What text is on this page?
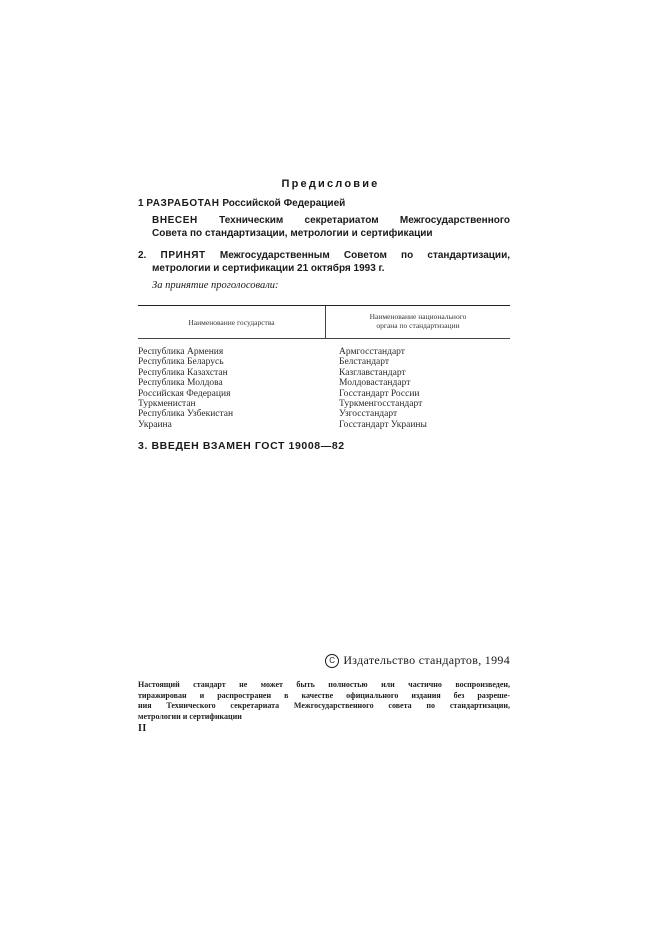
Предисловие
1 РАЗРАБОТАН Российской Федерацией
ВНЕСЕН Техническим секретариатом Межгосударственного
Совета по стандартизации, метрологии и сертификации
2. ПРИНЯТ Межгосударственным Советом по стандартизации,
метрологии и сертификации 21 октября 1993 г.
За принятие проголосовали:
Наименование государства
Наименование национального
органа по стандартизации
Республика Армения
Республика Беларусь
Республика Казахстан
Республика Молдова
Российская Федерация
Туркменистан
Республика Узбекистан
Украина
Армгосстандарт
Белстандарт
Казглавстандарт
Молдовастандарт
Госстандарт России
Туркменгосстандарт
Узгосстандарт
Госстандарт Украины
3. ВВЕДЕН ВЗАМЕН ГОСТ 19008—82
C Издательство стандартов, 1994
Настоящий стандарт не может быть полностью или частично воспроизведен,
тиражирован и распространен в качестве официального издания без разреше-
ния Технического секретариата Межгосударственного совета по стандартизации,
метрологии и сертификации
II
